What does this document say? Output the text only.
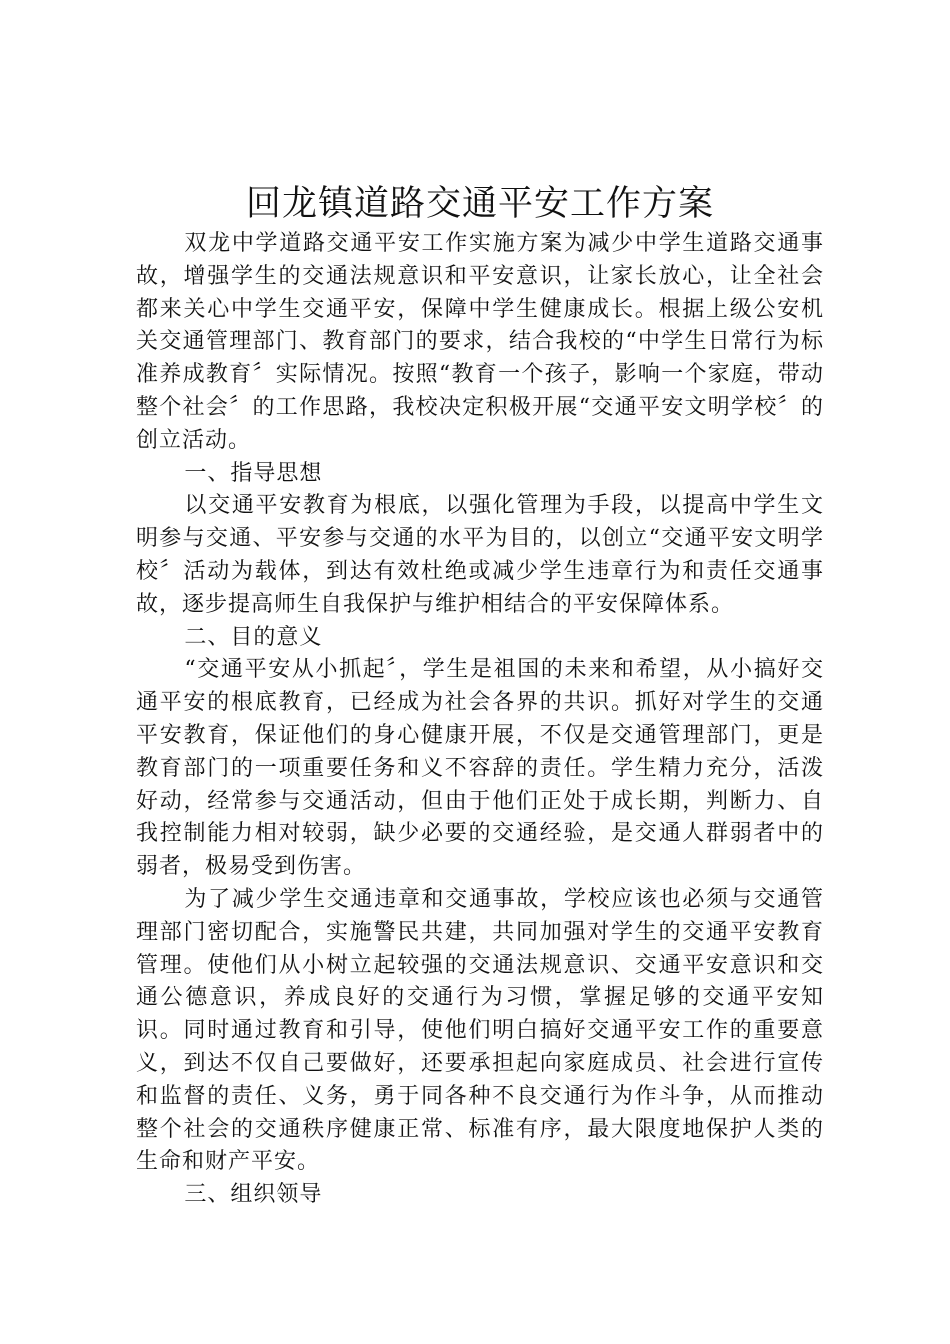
回龙镇道路交通平安工作方案

双龙中学道路交通平安工作实施方案为减少中学生道路交通事故，增强学生的交通法规意识和平安意识，让家长放心，让全社会都来关心中学生交通平安，保障中学生健康成长。根据上级公安机关交通管理部门、教育部门的要求，结合我校的“中学生日常行为标准养成教育〞实际情况。按照“教育一个孩子，影响一个家庭，带动整个社会〞的工作思路，我校决定积极开展“交通平安文明学校〞的创立活动。

一、指导思想

以交通平安教育为根底，以强化管理为手段，以提高中学生文明参与交通、平安参与交通的水平为目的，以创立“交通平安文明学校〞活动为载体，到达有效杜绝或减少学生违章行为和责任交通事故，逐步提高师生自我保护与维护相结合的平安保障体系。

二、目的意义

“交通平安从小抓起〞，学生是祖国的未来和希望，从小搞好交通平安的根底教育，已经成为社会各界的共识。抓好对学生的交通平安教育，保证他们的身心健康开展，不仅是交通管理部门，更是教育部门的一项重要任务和义不容辞的责任。学生精力充分，活泼好动，经常参与交通活动，但由于他们正处于成长期，判断力、自我控制能力相对较弱，缺少必要的交通经验，是交通人群弱者中的弱者，极易受到伤害。

为了减少学生交通违章和交通事故，学校应该也必须与交通管理部门密切配合，实施警民共建，共同加强对学生的交通平安教育管理。使他们从小树立起较强的交通法规意识、交通平安意识和交通公德意识，养成良好的交通行为习惯，掌握足够的交通平安知识。同时通过教育和引导，使他们明白搞好交通平安工作的重要意义，到达不仅自己要做好，还要承担起向家庭成员、社会进行宣传和监督的责任、义务，勇于同各种不良交通行为作斗争，从而推动整个社会的交通秩序健康正常、标准有序，最大限度地保护人类的生命和财产平安。

三、组织领导
